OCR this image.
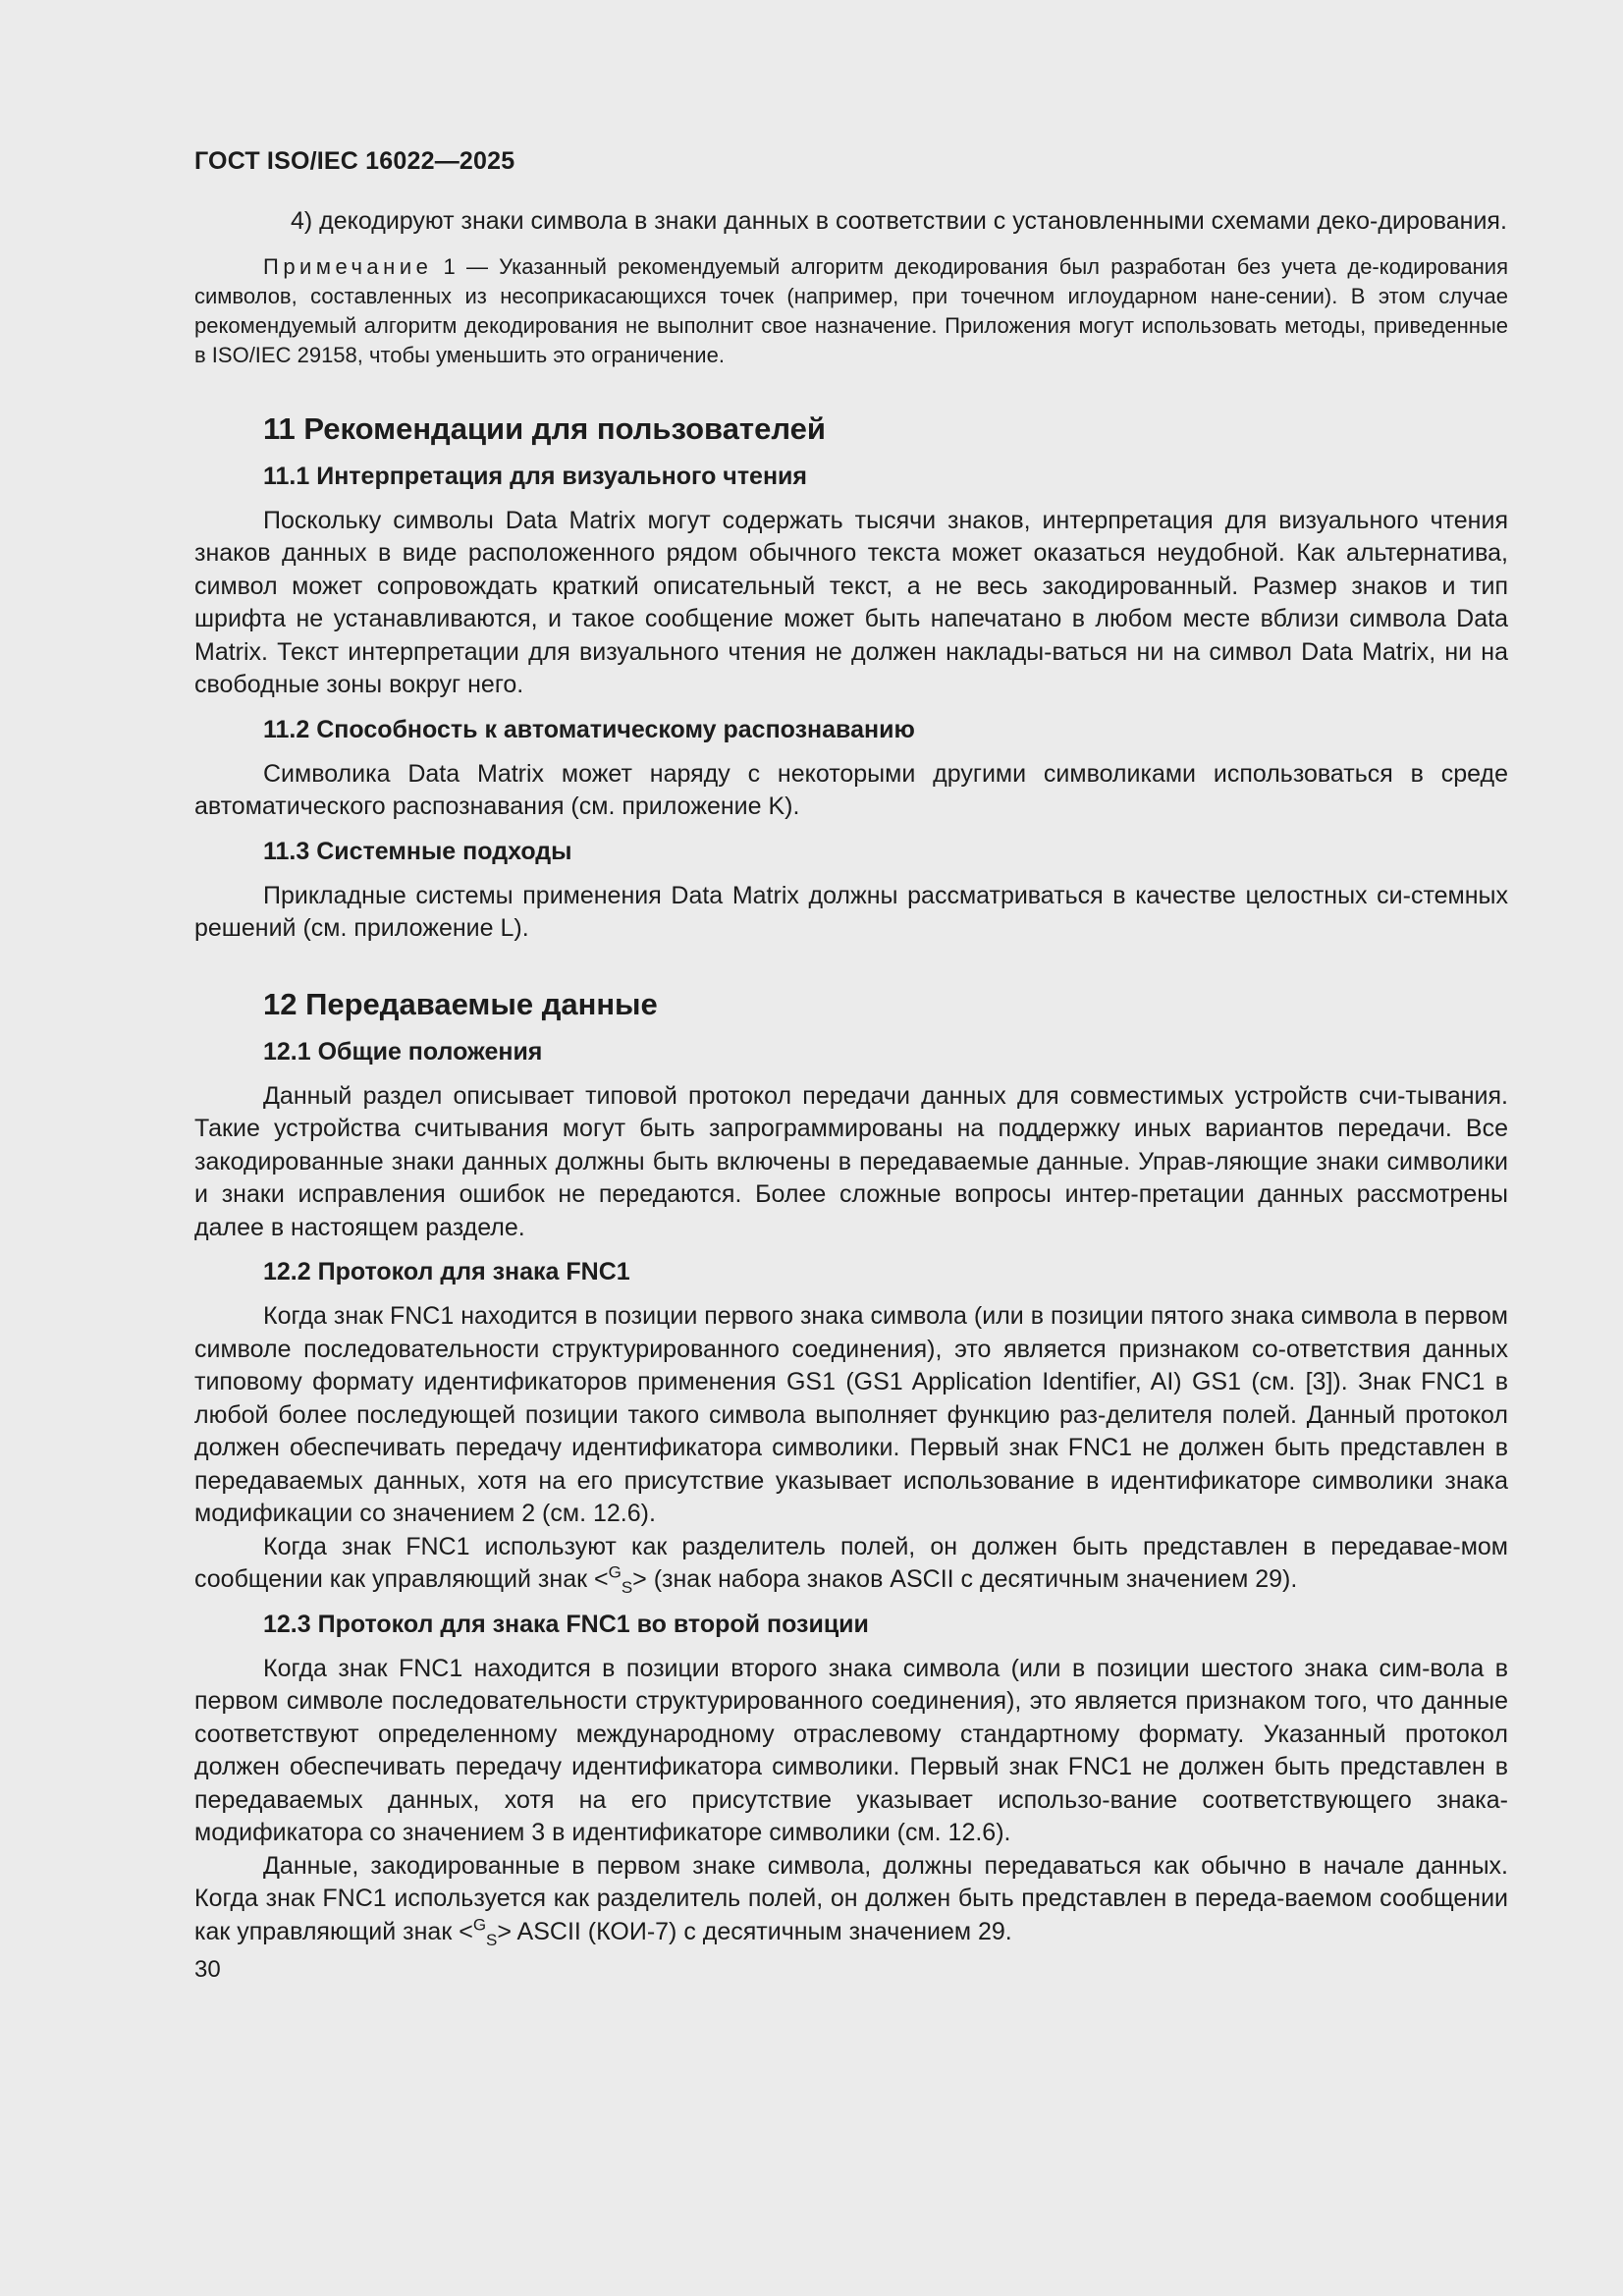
ГОСТ ISO/IEC 16022—2025

4) декодируют знаки символа в знаки данных в соответствии с установленными схемами деко-дирования.

Примечание 1 — Указанный рекомендуемый алгоритм декодирования был разработан без учета де-кодирования символов, составленных из несоприкасающихся точек (например, при точечном иглоударном нане-сении). В этом случае рекомендуемый алгоритм декодирования не выполнит свое назначение. Приложения могут использовать методы, приведенные в ISO/IEC 29158, чтобы уменьшить это ограничение.

11 Рекомендации для пользователей
11.1 Интерпретация для визуального чтения

Поскольку символы Data Matrix могут содержать тысячи знаков, интерпретация для визуального чтения знаков данных в виде расположенного рядом обычного текста может оказаться неудобной. Как альтернатива, символ может сопровождать краткий описательный текст, а не весь закодированный. Размер знаков и тип шрифта не устанавливаются, и такое сообщение может быть напечатано в любом месте вблизи символа Data Matrix. Текст интерпретации для визуального чтения не должен наклады-ваться ни на символ Data Matrix, ни на свободные зоны вокруг него.

11.2 Способность к автоматическому распознаванию

Символика Data Matrix может наряду с некоторыми другими символиками использоваться в среде автоматического распознавания (см. приложение K).

11.3 Системные подходы

Прикладные системы применения Data Matrix должны рассматриваться в качестве целостных си-стемных решений (см. приложение L).

12 Передаваемые данные
12.1 Общие положения

Данный раздел описывает типовой протокол передачи данных для совместимых устройств счи-тывания. Такие устройства считывания могут быть запрограммированы на поддержку иных вариантов передачи. Все закодированные знаки данных должны быть включены в передаваемые данные. Управ-ляющие знаки символики и знаки исправления ошибок не передаются. Более сложные вопросы интер-претации данных рассмотрены далее в настоящем разделе.

12.2 Протокол для знака FNC1

Когда знак FNC1 находится в позиции первого знака символа (или в позиции пятого знака символа в первом символе последовательности структурированного соединения), это является признаком со-ответствия данных типовому формату идентификаторов применения GS1 (GS1 Application Identifier, AI) GS1 (см. [3]). Знак FNC1 в любой более последующей позиции такого символа выполняет функцию раз-делителя полей. Данный протокол должен обеспечивать передачу идентификатора символики. Первый знак FNC1 не должен быть представлен в передаваемых данных, хотя на его присутствие указывает использование в идентификаторе символики знака модификации со значением 2 (см. 12.6).

Когда знак FNC1 используют как разделитель полей, он должен быть представлен в передавае-мом сообщении как управляющий знак <$^G_S$> (знак набора знаков ASCII с десятичным значением 29).

12.3 Протокол для знака FNC1 во второй позиции

Когда знак FNC1 находится в позиции второго знака символа (или в позиции шестого знака сим-вола в первом символе последовательности структурированного соединения), это является признаком того, что данные соответствуют определенному международному отраслевому стандартному формату. Указанный протокол должен обеспечивать передачу идентификатора символики. Первый знак FNC1 не должен быть представлен в передаваемых данных, хотя на его присутствие указывает использо-вание соответствующего знака-модификатора со значением 3 в идентификаторе символики (см. 12.6).

Данные, закодированные в первом знаке символа, должны передаваться как обычно в начале данных. Когда знак FNC1 используется как разделитель полей, он должен быть представлен в переда-ваемом сообщении как управляющий знак <$^G_S$> ASCII (КОИ-7) с десятичным значением 29.

30
